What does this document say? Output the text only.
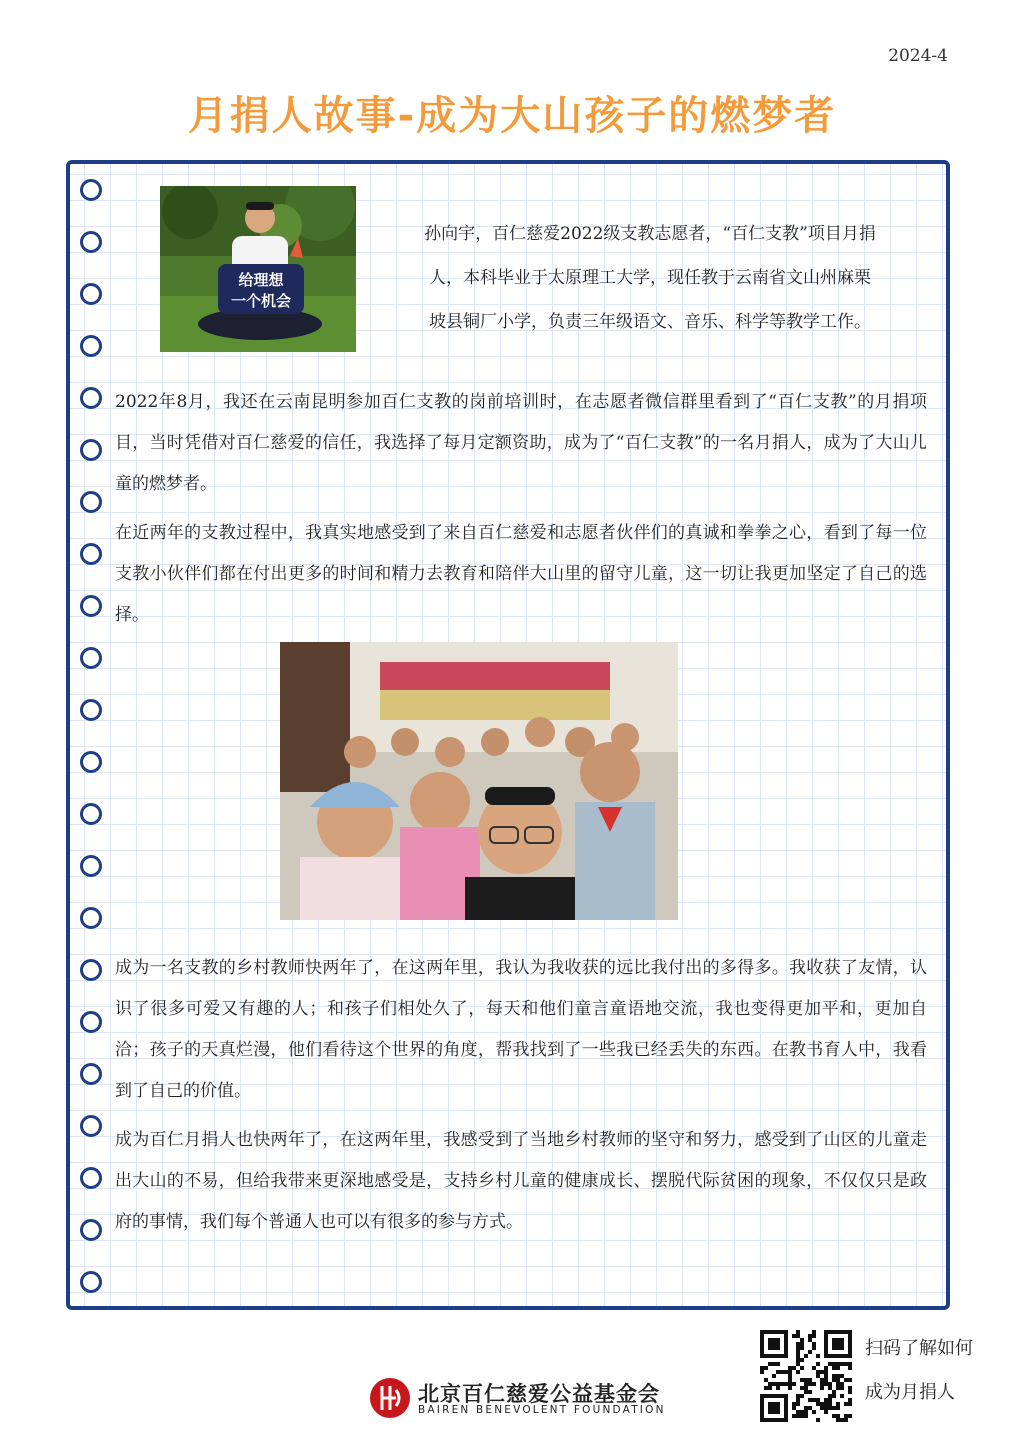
2024-4
月捐人故事-成为大山孩子的燃梦者
给理想
一个机会
孙向宇，百仁慈爱2022级支教志愿者，“百仁支教”项目月捐
人，本科毕业于太原理工大学，现任教于云南省文山州麻栗
坡县铜厂小学，负责三年级语文、音乐、科学等教学工作。

2022年8月，我还在云南昆明参加百仁支教的岗前培训时，在志愿者微信群里看到了“百仁支教”的月捐项目，当时凭借对百仁慈爱的信任，我选择了每月定额资助，成为了“百仁支教”的一名月捐人，成为了大山儿童的燃梦者。

在近两年的支教过程中，我真实地感受到了来自百仁慈爱和志愿者伙伴们的真诚和拳拳之心，看到了每一位支教小伙伴们都在付出更多的时间和精力去教育和陪伴大山里的留守儿童，这一切让我更加坚定了自己的选择。

成为一名支教的乡村教师快两年了，在这两年里，我认为我收获的远比我付出的多得多。我收获了友情，认识了很多可爱又有趣的人；和孩子们相处久了，每天和他们童言童语地交流，我也变得更加平和，更加自洽；孩子的天真烂漫，他们看待这个世界的角度，帮我找到了一些我已经丢失的东西。在教书育人中，我看到了自己的价值。

成为百仁月捐人也快两年了，在这两年里，我感受到了当地乡村教师的坚守和努力，感受到了山区的儿童走出大山的不易，但给我带来更深地感受是，支持乡村儿童的健康成长、摆脱代际贫困的现象，不仅仅只是政府的事情，我们每个普通人也可以有很多的参与方式。

北京百仁慈爱公益基金会
BAIREN BENEVOLENT FOUNDATION
扫码了解如何
成为月捐人
